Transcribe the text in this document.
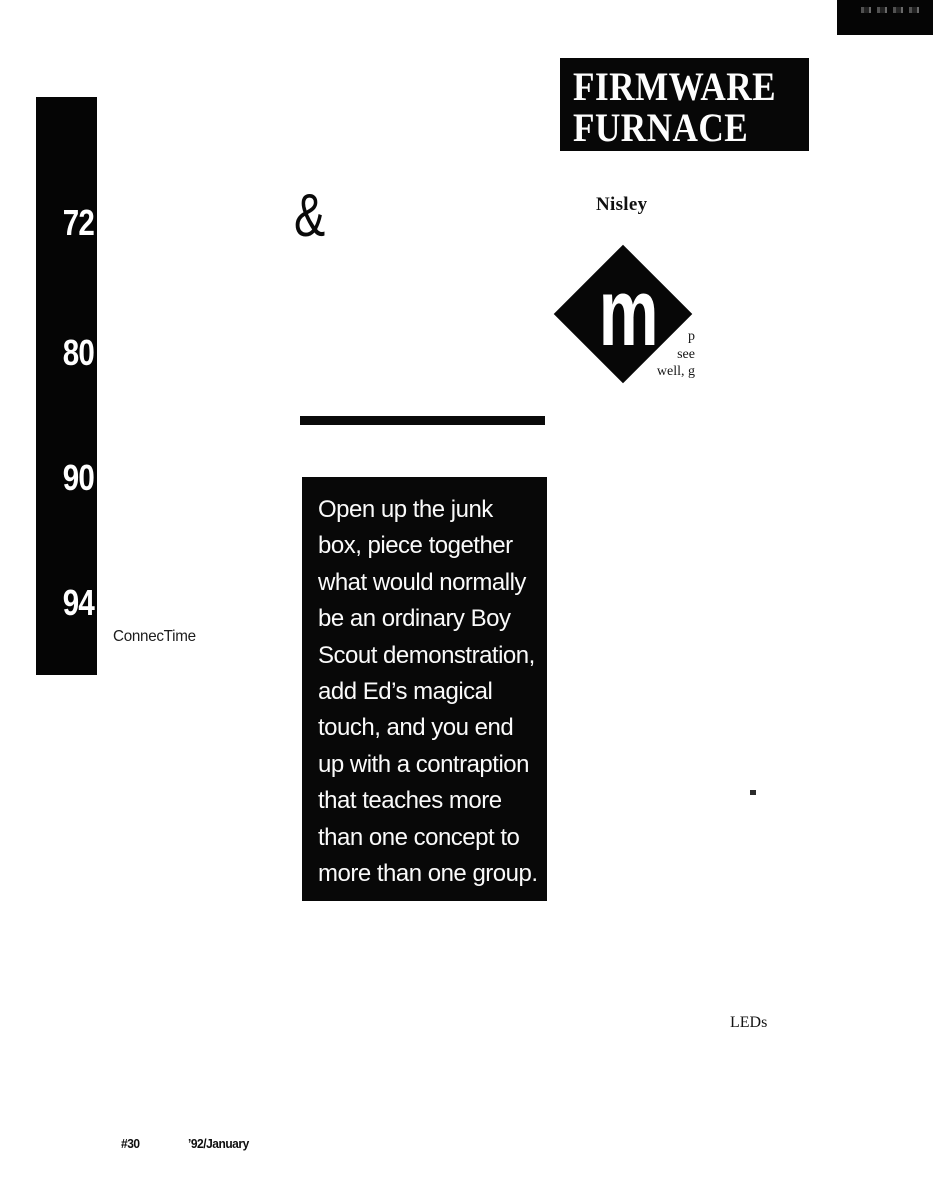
72
80
90
94
100
ConnecTime
&
FIRMWARE
FURNACE
Nisley
m	p
see
well, g
Open up the junk
box, piece together
what would normally
be an ordinary Boy
Scout demonstration,
add Ed’s magical
touch, and you end
up with a contraption
that teaches more
than one concept to
more than one group.
LEDs
#30	’92/January
